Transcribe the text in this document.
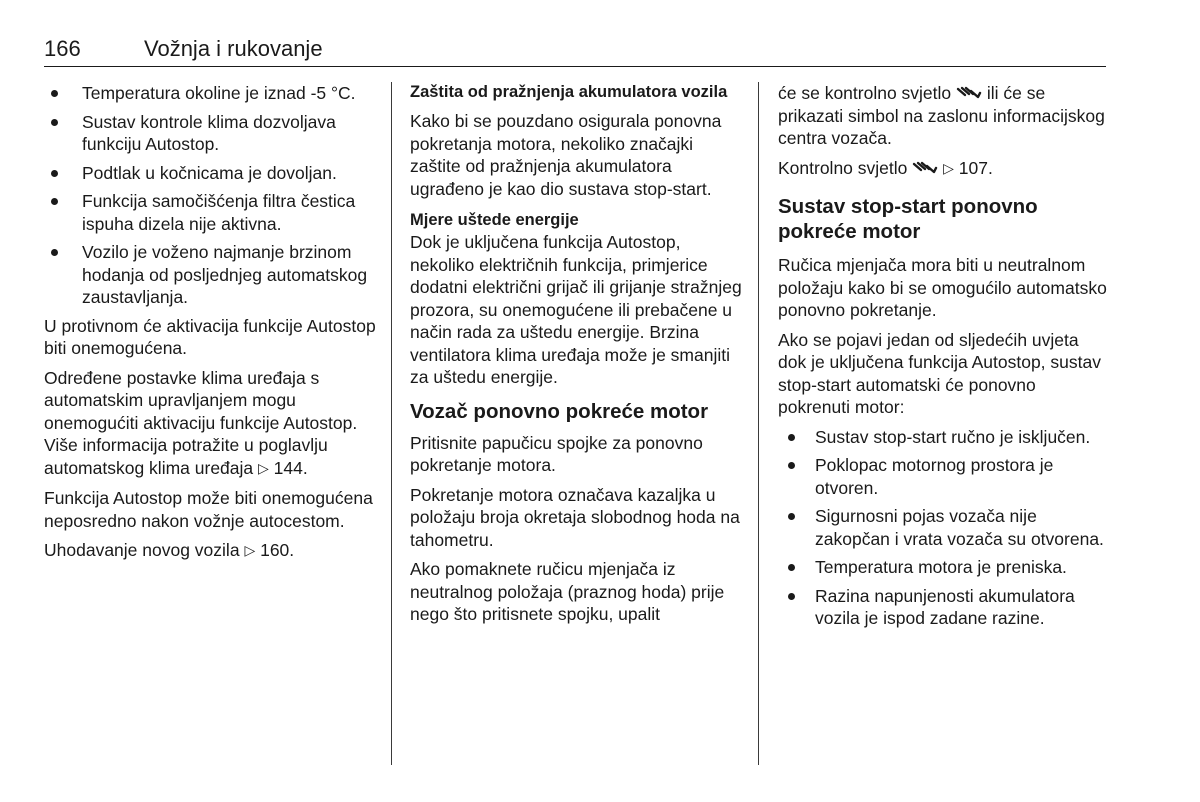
166	Vožnja i rukovanje
Temperatura okoline je iznad -5 °C.
Sustav kontrole klima dozvoljava funkciju Autostop.
Podtlak u kočnicama je dovoljan.
Funkcija samočišćenja filtra čestica ispuha dizela nije aktivna.
Vozilo je voženo najmanje brzinom hodanja od posljednjeg automatskog zaustavljanja.

U protivnom će aktivacija funkcije Autostop biti onemogućena.

Određene postavke klima uređaja s automatskim upravljanjem mogu onemogućiti aktivaciju funkcije Autostop. Više informacija potražite u poglavlju automatskog klima uređaja ▷ 144.

Funkcija Autostop može biti onemogućena neposredno nakon vožnje autocestom.

Uhodavanje novog vozila ▷ 160.

Zaštita od pražnjenja akumulatora vozila

Kako bi se pouzdano osigurala ponovna pokretanja motora, nekoliko značajki zaštite od pražnjenja akumulatora ugrađeno je kao dio sustava stop-start.

Mjere uštede energije

Dok je uključena funkcija Autostop, nekoliko električnih funkcija, primjerice dodatni električni grijač ili grijanje stražnjeg prozora, su onemogućene ili prebačene u način rada za uštedu energije. Brzina ventilatora klima uređaja može je smanjiti za uštedu energije.

Vozač ponovno pokreće motor

Pritisnite papučicu spojke za ponovno pokretanje motora.

Pokretanje motora označava kazaljka u položaju broja okretaja slobodnog hoda na tahometru.

Ako pomaknete ručicu mjenjača iz neutralnog položaja (praznog hoda) prije nego što pritisnete spojku, upalit

će se kontrolno svjetlo ili će se prikazati simbol na zaslonu informacijskog centra vozača.

Kontrolno svjetlo	▷ 107.

Sustav stop-start ponovno pokreće motor

Ručica mjenjača mora biti u neutralnom položaju kako bi se omogućilo automatsko ponovno pokretanje.

Ako se pojavi jedan od sljedećih uvjeta dok je uključena funkcija Autostop, sustav stop-start automatski će ponovno pokrenuti motor:

Sustav stop-start ručno je isključen.
Poklopac motornog prostora je otvoren.
Sigurnosni pojas vozača nije zakopčan i vrata vozača su otvorena.
Temperatura motora je preniska.
Razina napunjenosti akumulatora vozila je ispod zadane razine.
